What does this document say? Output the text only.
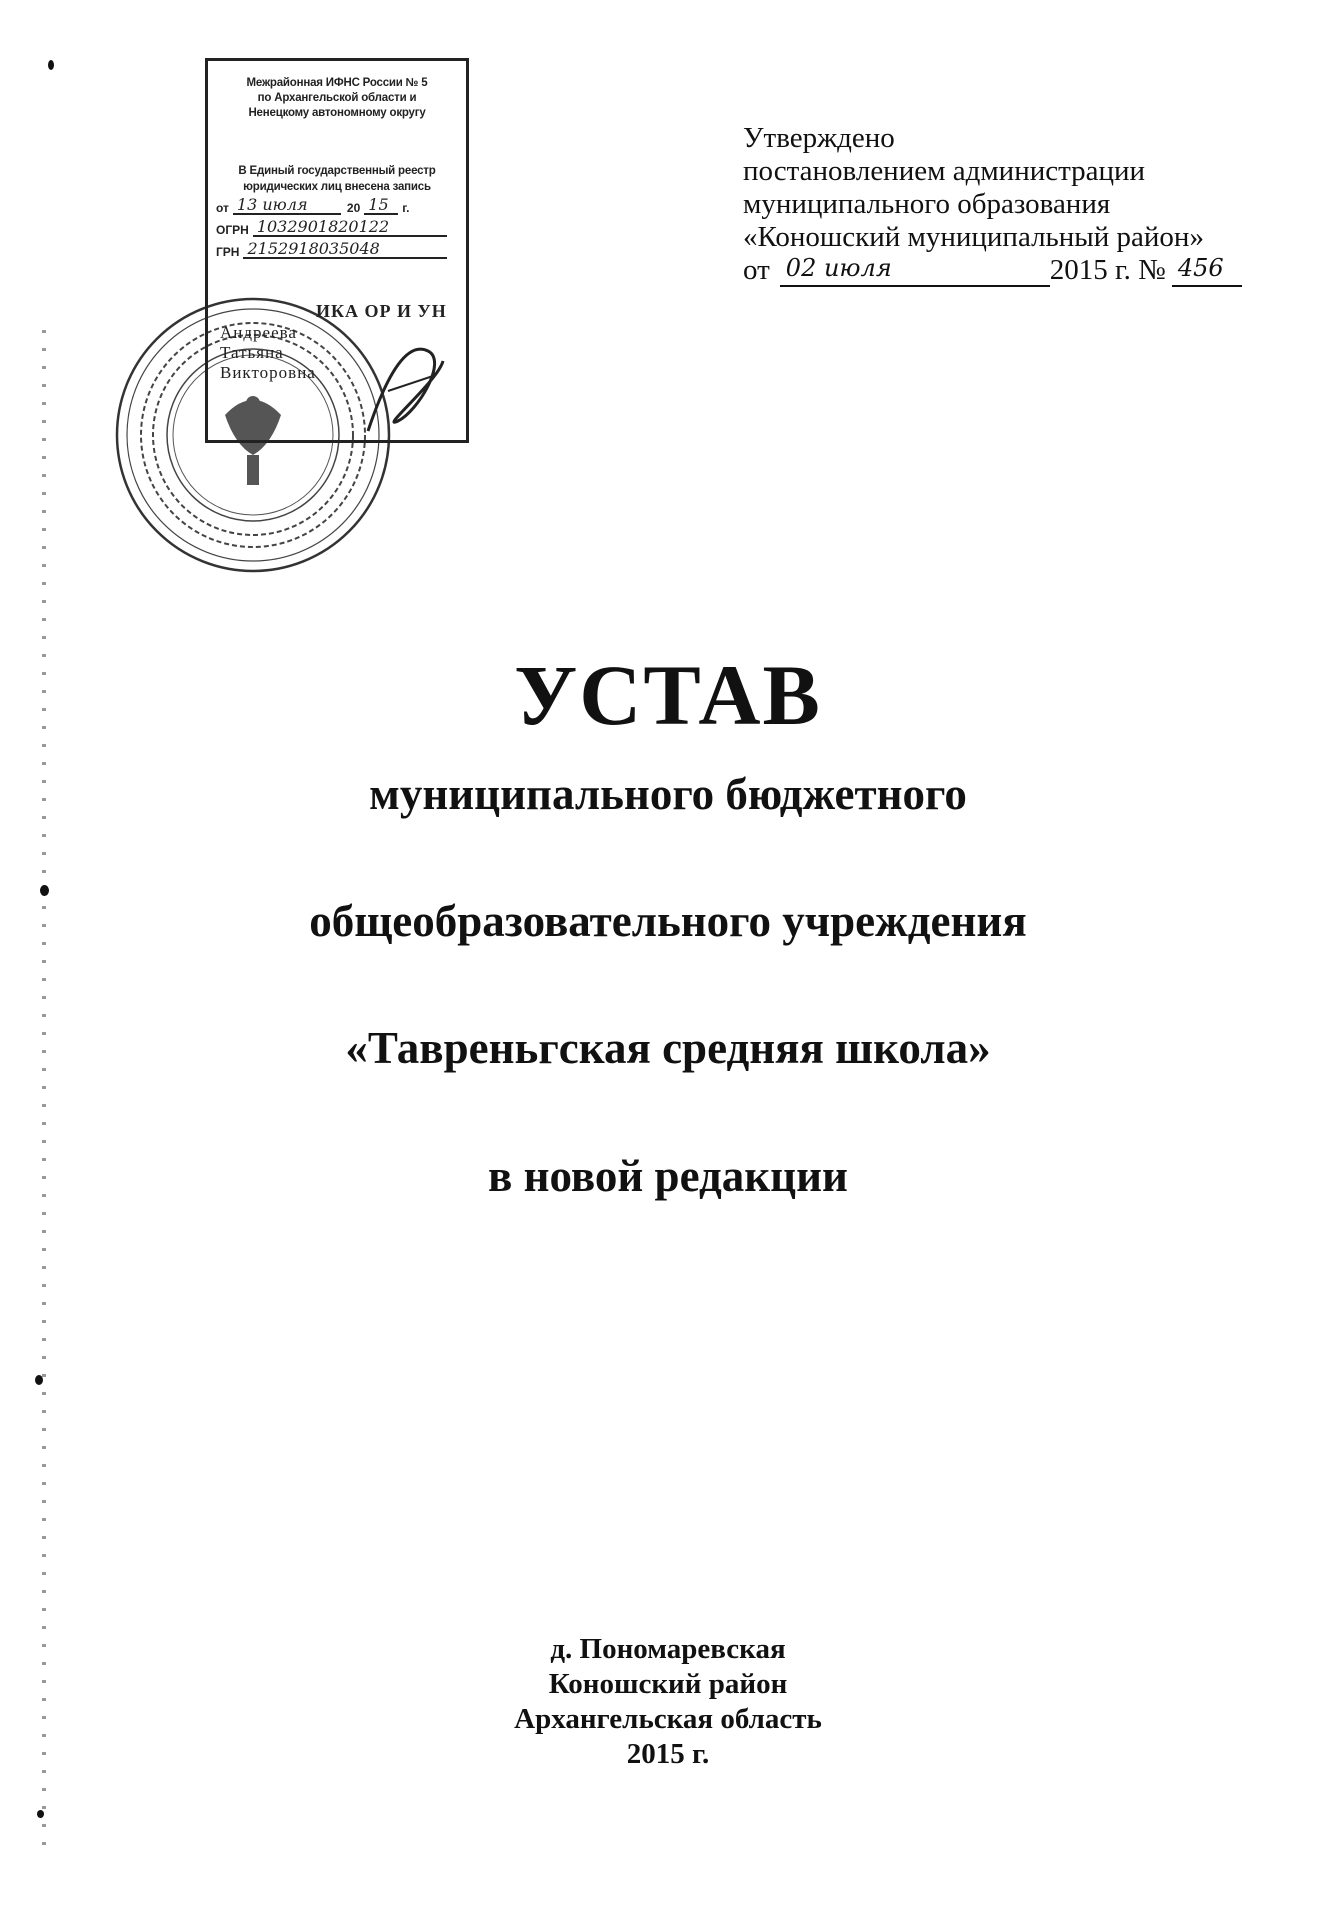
Межрайонная ИФНС России № 5
по Архангельской области и
Ненецкому автономному округу
В Единый государственный реестр
юридических лиц внесена запись
от 13 июля	20 15	г.
ОГРН 1032901820122
ГРН 2152918035048
ИКА ОР И УН
Андреева
Татьяна
Викторовна
Утверждено
постановлением администрации
муниципального образования
«Коношский муниципальный район»
от 02 июля	2015 г. № 456
УСТАВ
муниципального бюджетного
общеобразовательного учреждения
«Тавреньгская средняя школа»
в новой редакции
д. Пономаревская
Коношский район
Архангельская область
2015 г.
